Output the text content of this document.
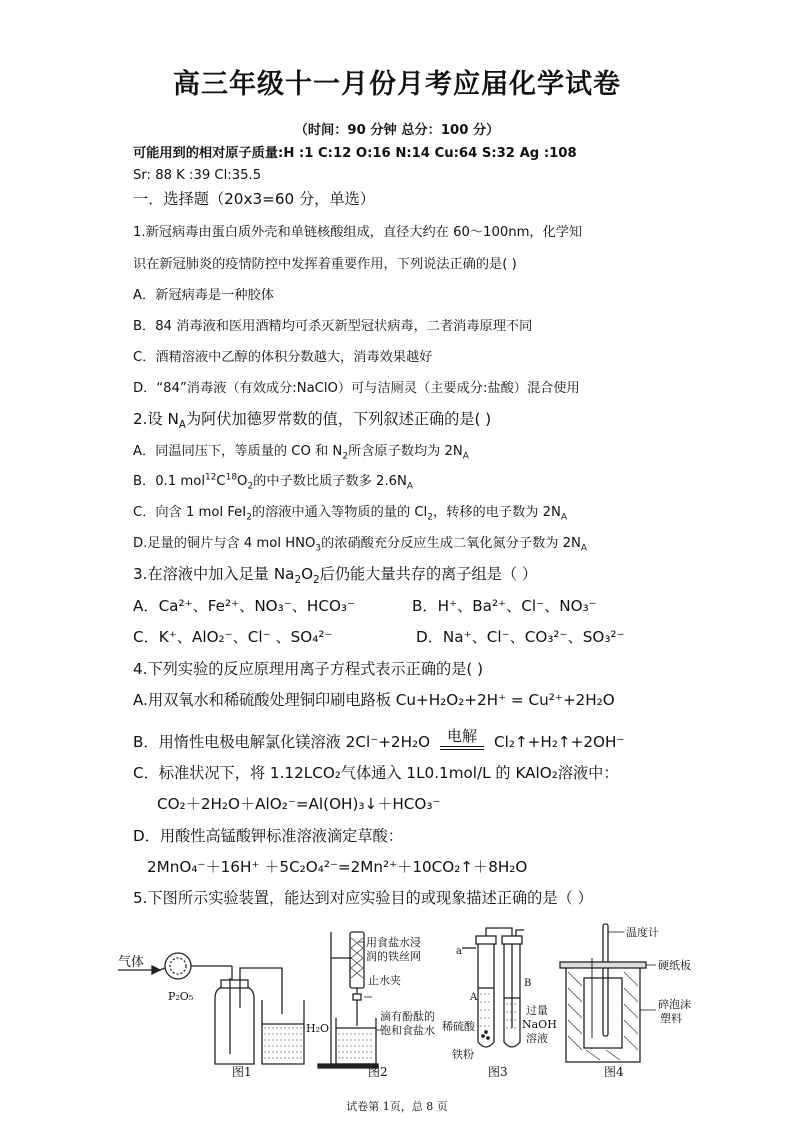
高三年级十一月份月考应届化学试卷
（时间：90 分钟 总分：100 分）
可能用到的相对原子质量:H :1 C:12 O:16 N:14 Cu:64 S:32 Ag :108
Sr: 88 K :39 Cl:35.5
一．选择题（20x3=60 分，单选）
1.新冠病毒由蛋白质外壳和单链核酸组成，直径大约在 60～100nm，化学知
识在新冠肺炎的疫情防控中发挥着重要作用，下列说法正确的是( )
A．新冠病毒是一种胶体
B．84 消毒液和医用酒精均可杀灭新型冠状病毒，二者消毒原理不同
C．酒精溶液中乙醇的体积分数越大，消毒效果越好
D．“84”消毒液（有效成分:NaClO）可与洁厕灵（主要成分:盐酸）混合使用
2.设 $N_A$为阿伏加德罗常数的值，下列叙述正确的是( )
A．同温同压下，等质量的 CO 和 $N_2$所含原子数均为 $2N_A$
B．0.1 $mol^{12}C^{18}O_2$的中子数比质子数多 $2.6N_A$
C．向含 1 mol FeI$_2$的溶液中通入等物质的量的 $Cl_2$，转移的电子数为 $2N_A$
D.足量的铜片与含 4 mol $HNO_3$的浓硝酸充分反应生成二氧化氮分子数为 $2N_A$
3.在溶液中加入足量 $Na_2O_2$后仍能大量共存的离子组是（ ）
A．Ca²⁺、Fe²⁺、NO₃⁻、HCO₃⁻	B．H⁺、Ba²⁺、Cl⁻、NO₃⁻
C．K⁺、AlO₂⁻、Cl⁻ 、SO₄²⁻	D．Na⁺、Cl⁻、CO₃²⁻、SO₃²⁻
4.下列实验的反应原理用离子方程式表示正确的是( )
A.用双氧水和稀硫酸处理铜印刷电路板 Cu+H₂O₂+2H⁺ = Cu²⁺+2H₂O
B．用惰性电极电解氯化镁溶液 2Cl⁻+2H₂O	电解	Cl₂↑+H₂↑+2OH⁻
C．标准状况下，将 1.12LCO₂气体通入 1L0.1mol/L 的 KAlO₂溶液中：
CO₂＋2H₂O＋AlO₂⁻=Al(OH)₃↓＋HCO₃⁻
D．用酸性高锰酸钾标准溶液滴定草酸：
2MnO₄⁻＋16H⁺ ＋5C₂O₄²⁻=2Mn²⁺＋10CO₂↑＋8H₂O
5.下图所示实验装置，能达到对应实验目的或现象描述正确的是（ ）
气体
P₂O₅
H₂O
图1
用食盐水浸
润的铁丝网
止水夹
滴有酚酞的
饱和食盐水
图2
a
A
B
稀硫酸
铁粉
过量
NaOH
溶液
图3
温度计
硬纸板
碎泡沫
塑料
图4
试卷第 1页，总 8 页
